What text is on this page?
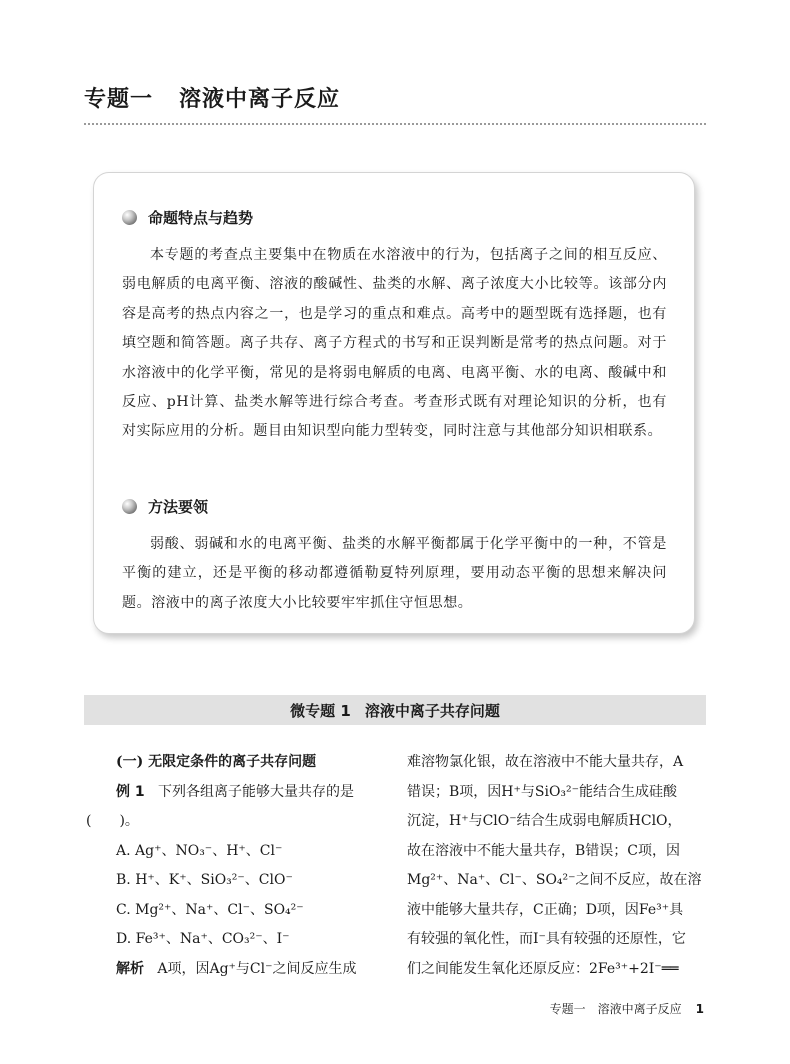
专题一 溶液中离子反应
命题特点与趋势

本专题的考查点主要集中在物质在水溶液中的行为，包括离子之间的相互反应、弱电解质的电离平衡、溶液的酸碱性、盐类的水解、离子浓度大小比较等。该部分内容是高考的热点内容之一，也是学习的重点和难点。高考中的题型既有选择题，也有填空题和简答题。离子共存、离子方程式的书写和正误判断是常考的热点问题。对于水溶液中的化学平衡，常见的是将弱电解质的电离、电离平衡、水的电离、酸碱中和反应、pH计算、盐类水解等进行综合考查。考查形式既有对理论知识的分析，也有对实际应用的分析。题目由知识型向能力型转变，同时注意与其他部分知识相联系。

方法要领

弱酸、弱碱和水的电离平衡、盐类的水解平衡都属于化学平衡中的一种，不管是平衡的建立，还是平衡的移动都遵循勒夏特列原理，要用动态平衡的思想来解决问题。溶液中的离子浓度大小比较要牢牢抓住守恒思想。

微专题 1 溶液中离子共存问题
(一) 无限定条件的离子共存问题
例 1 下列各组离子能够大量共存的是
(　　)。
A. Ag⁺、NO₃⁻、H⁺、Cl⁻
B. H⁺、K⁺、SiO₃²⁻、ClO⁻
C. Mg²⁺、Na⁺、Cl⁻、SO₄²⁻
D. Fe³⁺、Na⁺、CO₃²⁻、I⁻
解析 A项，因Ag⁺与Cl⁻之间反应生成
难溶物氯化银，故在溶液中不能大量共存，A
错误；B项，因H⁺与SiO₃²⁻能结合生成硅酸
沉淀，H⁺与ClO⁻结合生成弱电解质HClO，
故在溶液中不能大量共存，B错误；C项，因
Mg²⁺、Na⁺、Cl⁻、SO₄²⁻之间不反应，故在溶
液中能够大量共存，C正确；D项，因Fe³⁺具
有较强的氧化性，而I⁻具有较强的还原性，它
们之间能发生氧化还原反应：2Fe³⁺+2I⁻══
专题一 溶液中离子反应 1
